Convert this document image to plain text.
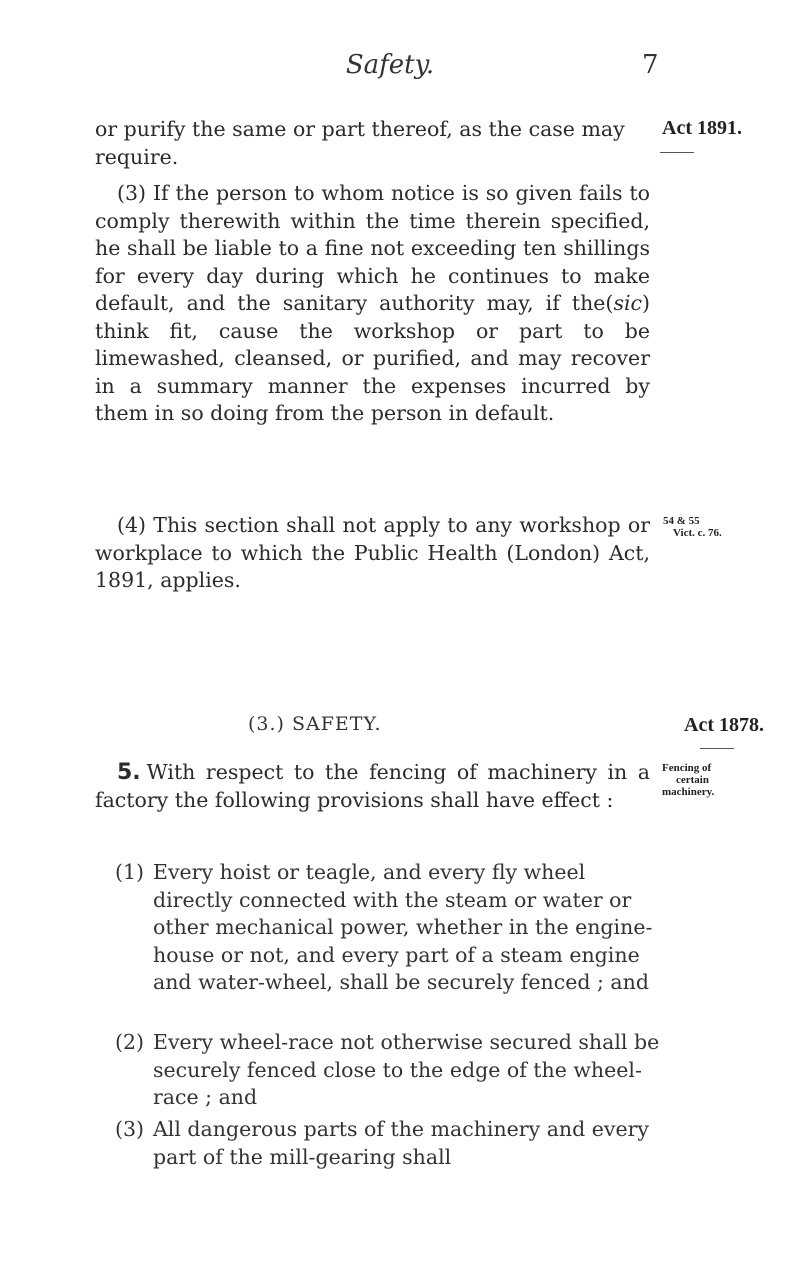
Safety.	7
or purify the same or part thereof, as the case may
require.
Act 1891.
(3) If the person to whom notice is so given fails to comply therewith within the time therein specified, he shall be liable to a fine not exceeding ten shillings for every day during which he continues to make default, and the sanitary authority may, if the(sic) think fit, cause the workshop or part to be limewashed, cleansed, or purified, and may recover in a summary manner the expenses incurred by them in so doing from the person in default.
(4) This section shall not apply to any workshop or workplace to which the Public Health (London) Act, 1891, applies.
54 & 55
Vict. c. 76.
(3.) SAFETY.	Act 1878.
5. With respect to the fencing of machinery in a factory the following provisions shall have effect :
Fencing of
certain
machinery.
(1) Every hoist or teagle, and every fly wheel directly connected with the steam or water or other mechanical power, whether in the engine-house or not, and every part of a steam engine and water-wheel, shall be securely fenced ; and
(2) Every wheel-race not otherwise secured shall be securely fenced close to the edge of the wheel-race ; and
(3) All dangerous parts of the machinery and every part of the mill-gearing shall
